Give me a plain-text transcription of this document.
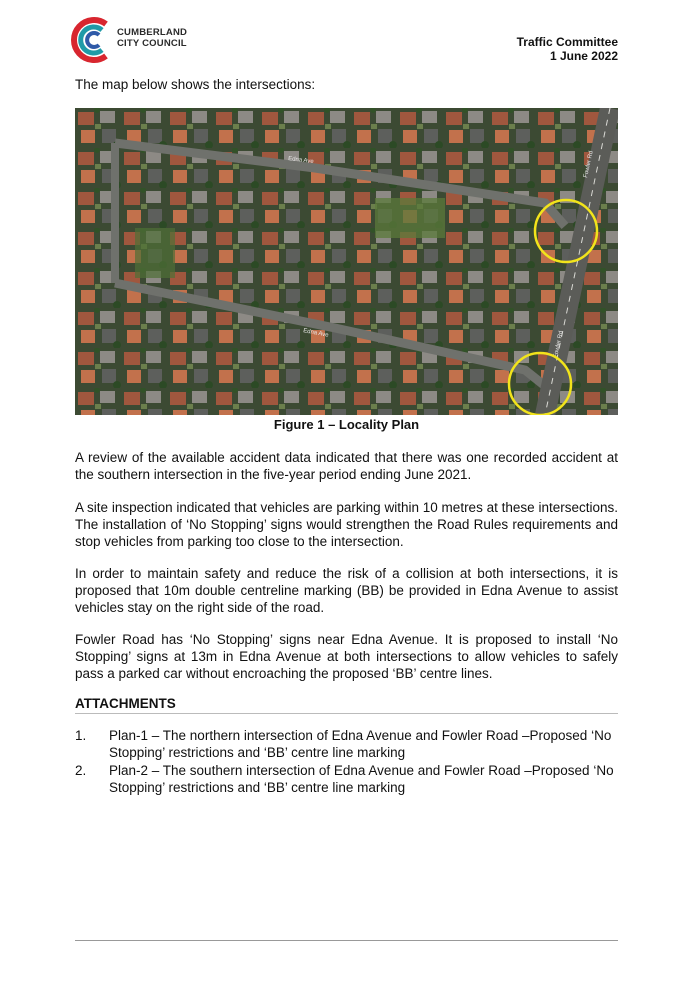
CUMBERLAND
CITY COUNCIL	Traffic Committee
1 June 2022
The map below shows the intersections:
Edna Ave
Edna Ave
Fowler Rd
Fowler Rd
Figure 1 – Locality Plan
A review of the available accident data indicated that there was one recorded accident at the southern intersection in the five-year period ending June 2021.
A site inspection indicated that vehicles are parking within 10 metres at these intersections. The installation of ‘No Stopping’ signs would strengthen the Road Rules requirements and stop vehicles from parking too close to the intersection.
In order to maintain safety and reduce the risk of a collision at both intersections, it is proposed that 10m double centreline marking (BB) be provided in Edna Avenue to assist vehicles stay on the right side of the road.
Fowler Road has ‘No Stopping’ signs near Edna Avenue. It is proposed to install ‘No Stopping’ signs at 13m in Edna Avenue at both intersections to allow vehicles to safely pass a parked car without encroaching the proposed ‘BB’ centre lines.
ATTACHMENTS
1. Plan-1 – The northern intersection of Edna Avenue and Fowler Road –Proposed ‘No Stopping’ restrictions and ‘BB’ centre line marking
2. Plan-2 – The southern intersection of Edna Avenue and Fowler Road –Proposed ‘No Stopping’ restrictions and ‘BB’ centre line marking
